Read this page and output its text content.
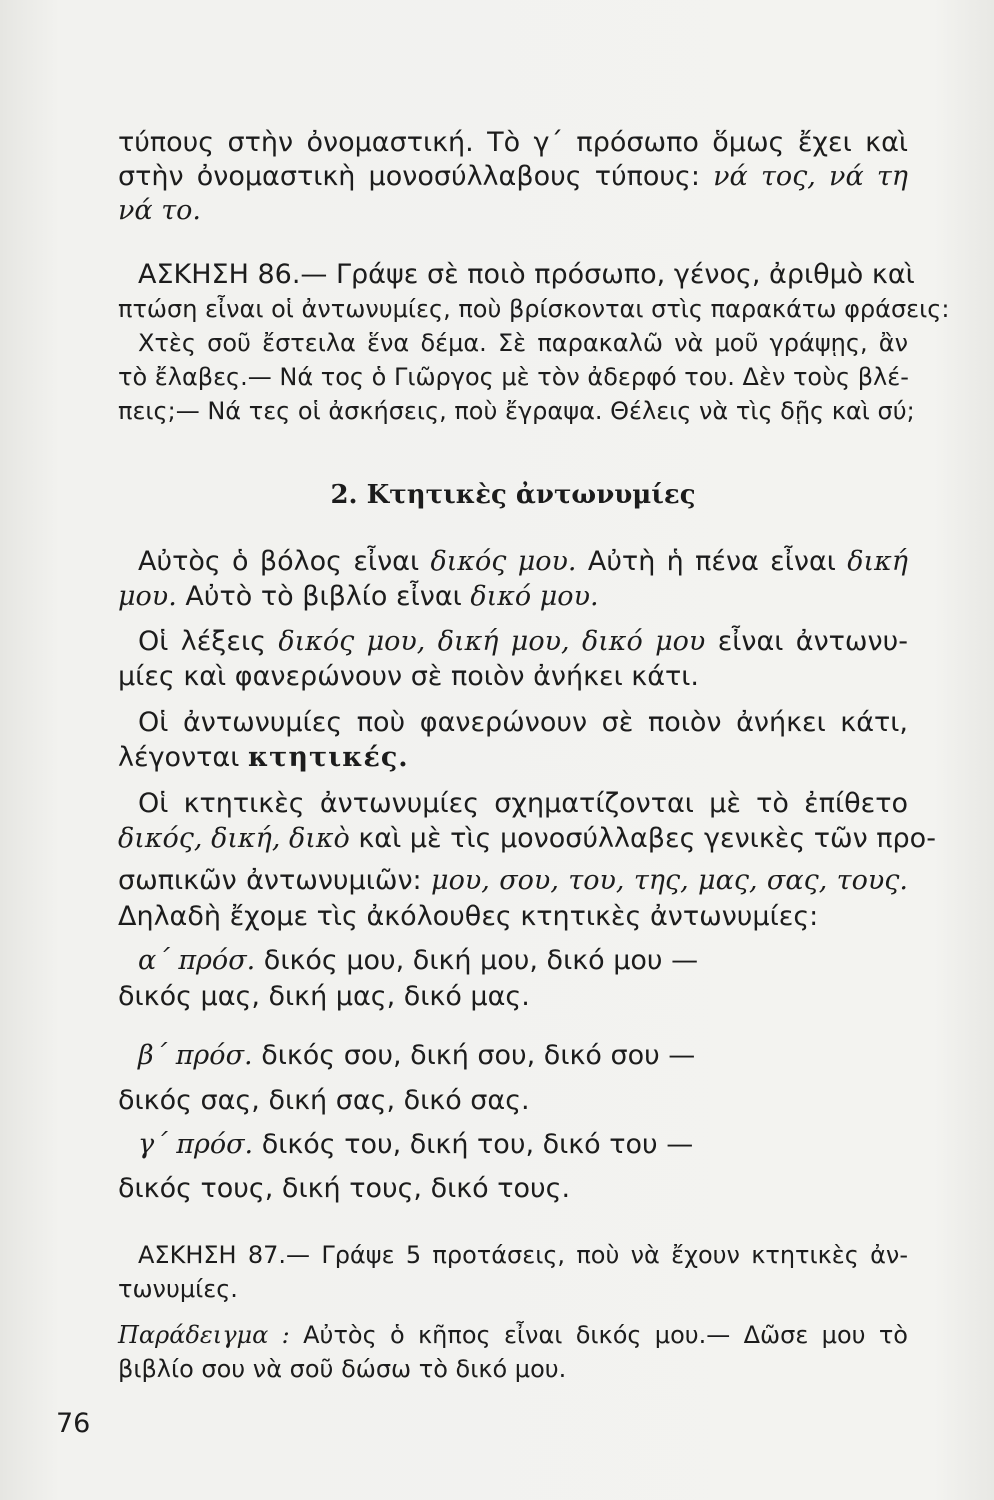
τύπους στὴν ὀνομαστική. Τὸ γ΄ πρόσωπο ὅμως ἔχει καὶ
στὴν ὀνομαστικὴ μονοσύλλαβους τύπους: νά τος, νά τη
νά το.
ΑΣΚΗΣΗ 86.— Γράψε σὲ ποιὸ πρόσωπο, γένος, ἀριθμὸ καὶ
πτώση εἶναι οἱ ἀντωνυμίες, ποὺ βρίσκονται στὶς παρακάτω φράσεις:
Χτὲς σοῦ ἔστειλα ἕνα δέμα. Σὲ παρακαλῶ νὰ μοῦ γράψῃς, ἂν
τὸ ἔλαβες.— Νά τος ὁ Γιῶργος μὲ τὸν ἀδερφό του. Δὲν τοὺς βλέ-
πεις;— Νά τες οἱ ἀσκήσεις, ποὺ ἔγραψα. Θέλεις νὰ τὶς δῇς καὶ σύ;
2. Κτητικὲς ἀντωνυμίες
Αὐτὸς ὁ βόλος εἶναι δικός μου. Αὐτὴ ἡ πένα εἶναι δική
μου. Αὐτὸ τὸ βιβλίο εἶναι δικό μου.
Οἱ λέξεις δικός μου, δική μου, δικό μου εἶναι ἀντωνυ-
μίες καὶ φανερώνουν σὲ ποιὸν ἀνήκει κάτι.
Οἱ ἀντωνυμίες ποὺ φανερώνουν σὲ ποιὸν ἀνήκει κάτι,
λέγονται κτητικές.
Οἱ κτητικὲς ἀντωνυμίες σχηματίζονται μὲ τὸ ἐπίθετο
δικός, δική, δικὸ καὶ μὲ τὶς μονοσύλλαβες γενικὲς τῶν προ-
σωπικῶν ἀντωνυμιῶν: μου, σου, του, της, μας, σας, τους.
Δηλαδὴ ἔχομε τὶς ἀκόλουθες κτητικὲς ἀντωνυμίες:
α΄ πρόσ. δικός μου, δική μου, δικό μου —
δικός μας, δική μας, δικό μας.
β΄ πρόσ. δικός σου, δική σου, δικό σου —
δικός σας, δική σας, δικό σας.
γ΄ πρόσ. δικός του, δική του, δικό του —
δικός τους, δική τους, δικό τους.
ΑΣΚΗΣΗ 87.— Γράψε 5 προτάσεις, ποὺ νὰ ἔχουν κτητικὲς ἀν-
τωνυμίες.
Παράδειγμα : Αὐτὸς ὁ κῆπος εἶναι δικός μου.— Δῶσε μου τὸ
βιβλίο σου νὰ σοῦ δώσω τὸ δικό μου.
76
